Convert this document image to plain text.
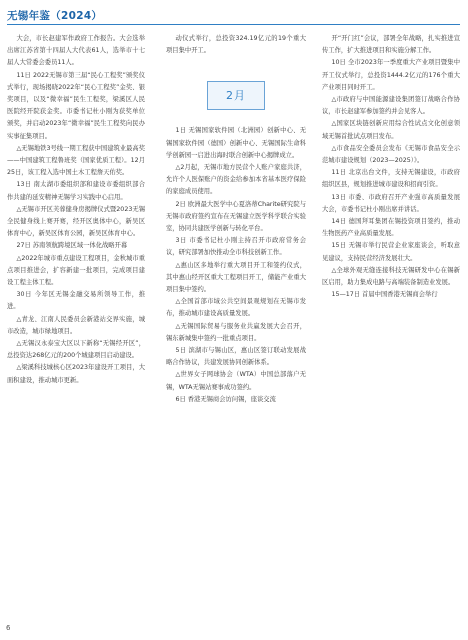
无锡年鉴（2024）

大会，市长赵建军作政府工作报告。大会选举出席江苏省第十四届人大代表61人，选举市十七届人大常委会委员11人。

11日 2022无锡市第三届“民心工程奖”颁奖仪式举行，现场揭晓2022年“民心工程奖”金奖、银奖项目，以及“微幸福”民生工程奖，梁溪区人民医院经开院获金奖。市委书记杜小刚为获奖单位颁奖，并启动2023年“微幸福”民生工程奖向民办实事征集项目。

△无锡地铁3号线一期工程获中国建筑业最高奖——中国建筑工程鲁班奖（国家优质工程）。12月25日，该工程入选中国土木工程詹天佑奖。

13日 南太湖市委组织部和建设市委组织部合作共建的延安精神无锡学习实践中心启用。

△无锡市开区芙蓉健身房揭牌仪式暨2023无锡全民健身线上赛开赛，经开区奥体中心，新吴区体育中心，新吴区体育公园，新吴区体育中心。

27日 苏南领航跨境区域一体化战略开幕

△2022年城市重点建设工程项目，金秋城市重点项目推进会，扩容新建一批项目，完成项目建设工程主体工程。

30日 今年区无锡金融交易所领导工作，推进。

△青龙、江南人民委员会新港站交界实施，城市改造，城市绿地项目。

△无锡汉永泰宝大区以下新称“无锡经开区”，总投资达268亿元的200个城建项目启动建设。

△梁溪科技城核心区2023年建设开工项目，大面积建设，推动城市更新。

动仪式举行，总投资324.19亿元的19个重大项目集中开工。

2月

1日 无锡国家软件园（北洲园）创新中心、无锡国家软件园（德国）创新中心、无锡国际生命科学创新园一启进出海时联合创新中心揭牌成立。

△2月起，无锡市地方民营个人账户家庭共济，允许个人医保账户的资金给参加本省基本医疗保险的家庭成员使用。

2日 欧洲最大医学中心夏洛蒂Charite研究院与无锡市政府签约宣布在无锡建立医学科学联合实验室，协同共建医学创新与转化平台。

3日 市委书记杜小刚主持召开市政府常务会议，研究部署加快推动全市科技创新工作。

△惠山区多地举行重大项目开工和签约仪式，其中惠山经开区重大工程项目开工，储能产业重大项目集中签约。

△全国首部市域公共空间景观规划在无锡市发布，推动城市建设高质量发展。

△无锡国际贸易与服务业共赢发展大会召开，锡东新城集中签约一批重点项目。

5日 滨湖市与锡山区，惠山区签订联动发展战略合作协议，共建发展协同创新体系。

△世界女子网球协会（WTA）中国总部落户无锡，WTA无锡站赛事成功签约。

6日 香港无锡商会访问锡，座谈交流

开“开门红”会议，部署全年战略，扎实推进宣传工作，扩大推进项目和实施分解工作。

10日 全市2023年一季度重大产业项目暨集中开工仪式举行，总投资1444.2亿元的176个重大产业项目同时开工。

△市政府与中国能源建设集团签订战略合作协议，市长赵建军参加签约并会见客人。

△国家区块链创新应用综合性试点文化创意领域无锡首批试点项目发布。

△市食品安全委员会发布《无锡市食品安全示范城市建设规划（2023—2025）》。

11日 北京出台文件，支持无锡建设，市政府组织区县，规划推进城市建设和招商引资。

13日 市委、市政府召开产业强市高质量发展大会，市委书记杜小刚出席并讲话。

14日 德国拜耳集团在锡投资项目签约，推动生物医药产业高质量发展。

15日 无锡市举行民营企业家座谈会，听取意见建议，支持民营经济发展壮大。

△全球外观无缝连接科技无锡研发中心在锡新区启用，助力集成电路与高端装备制造业发展。

15—17日 首届中国香港无锡商会举行

6
